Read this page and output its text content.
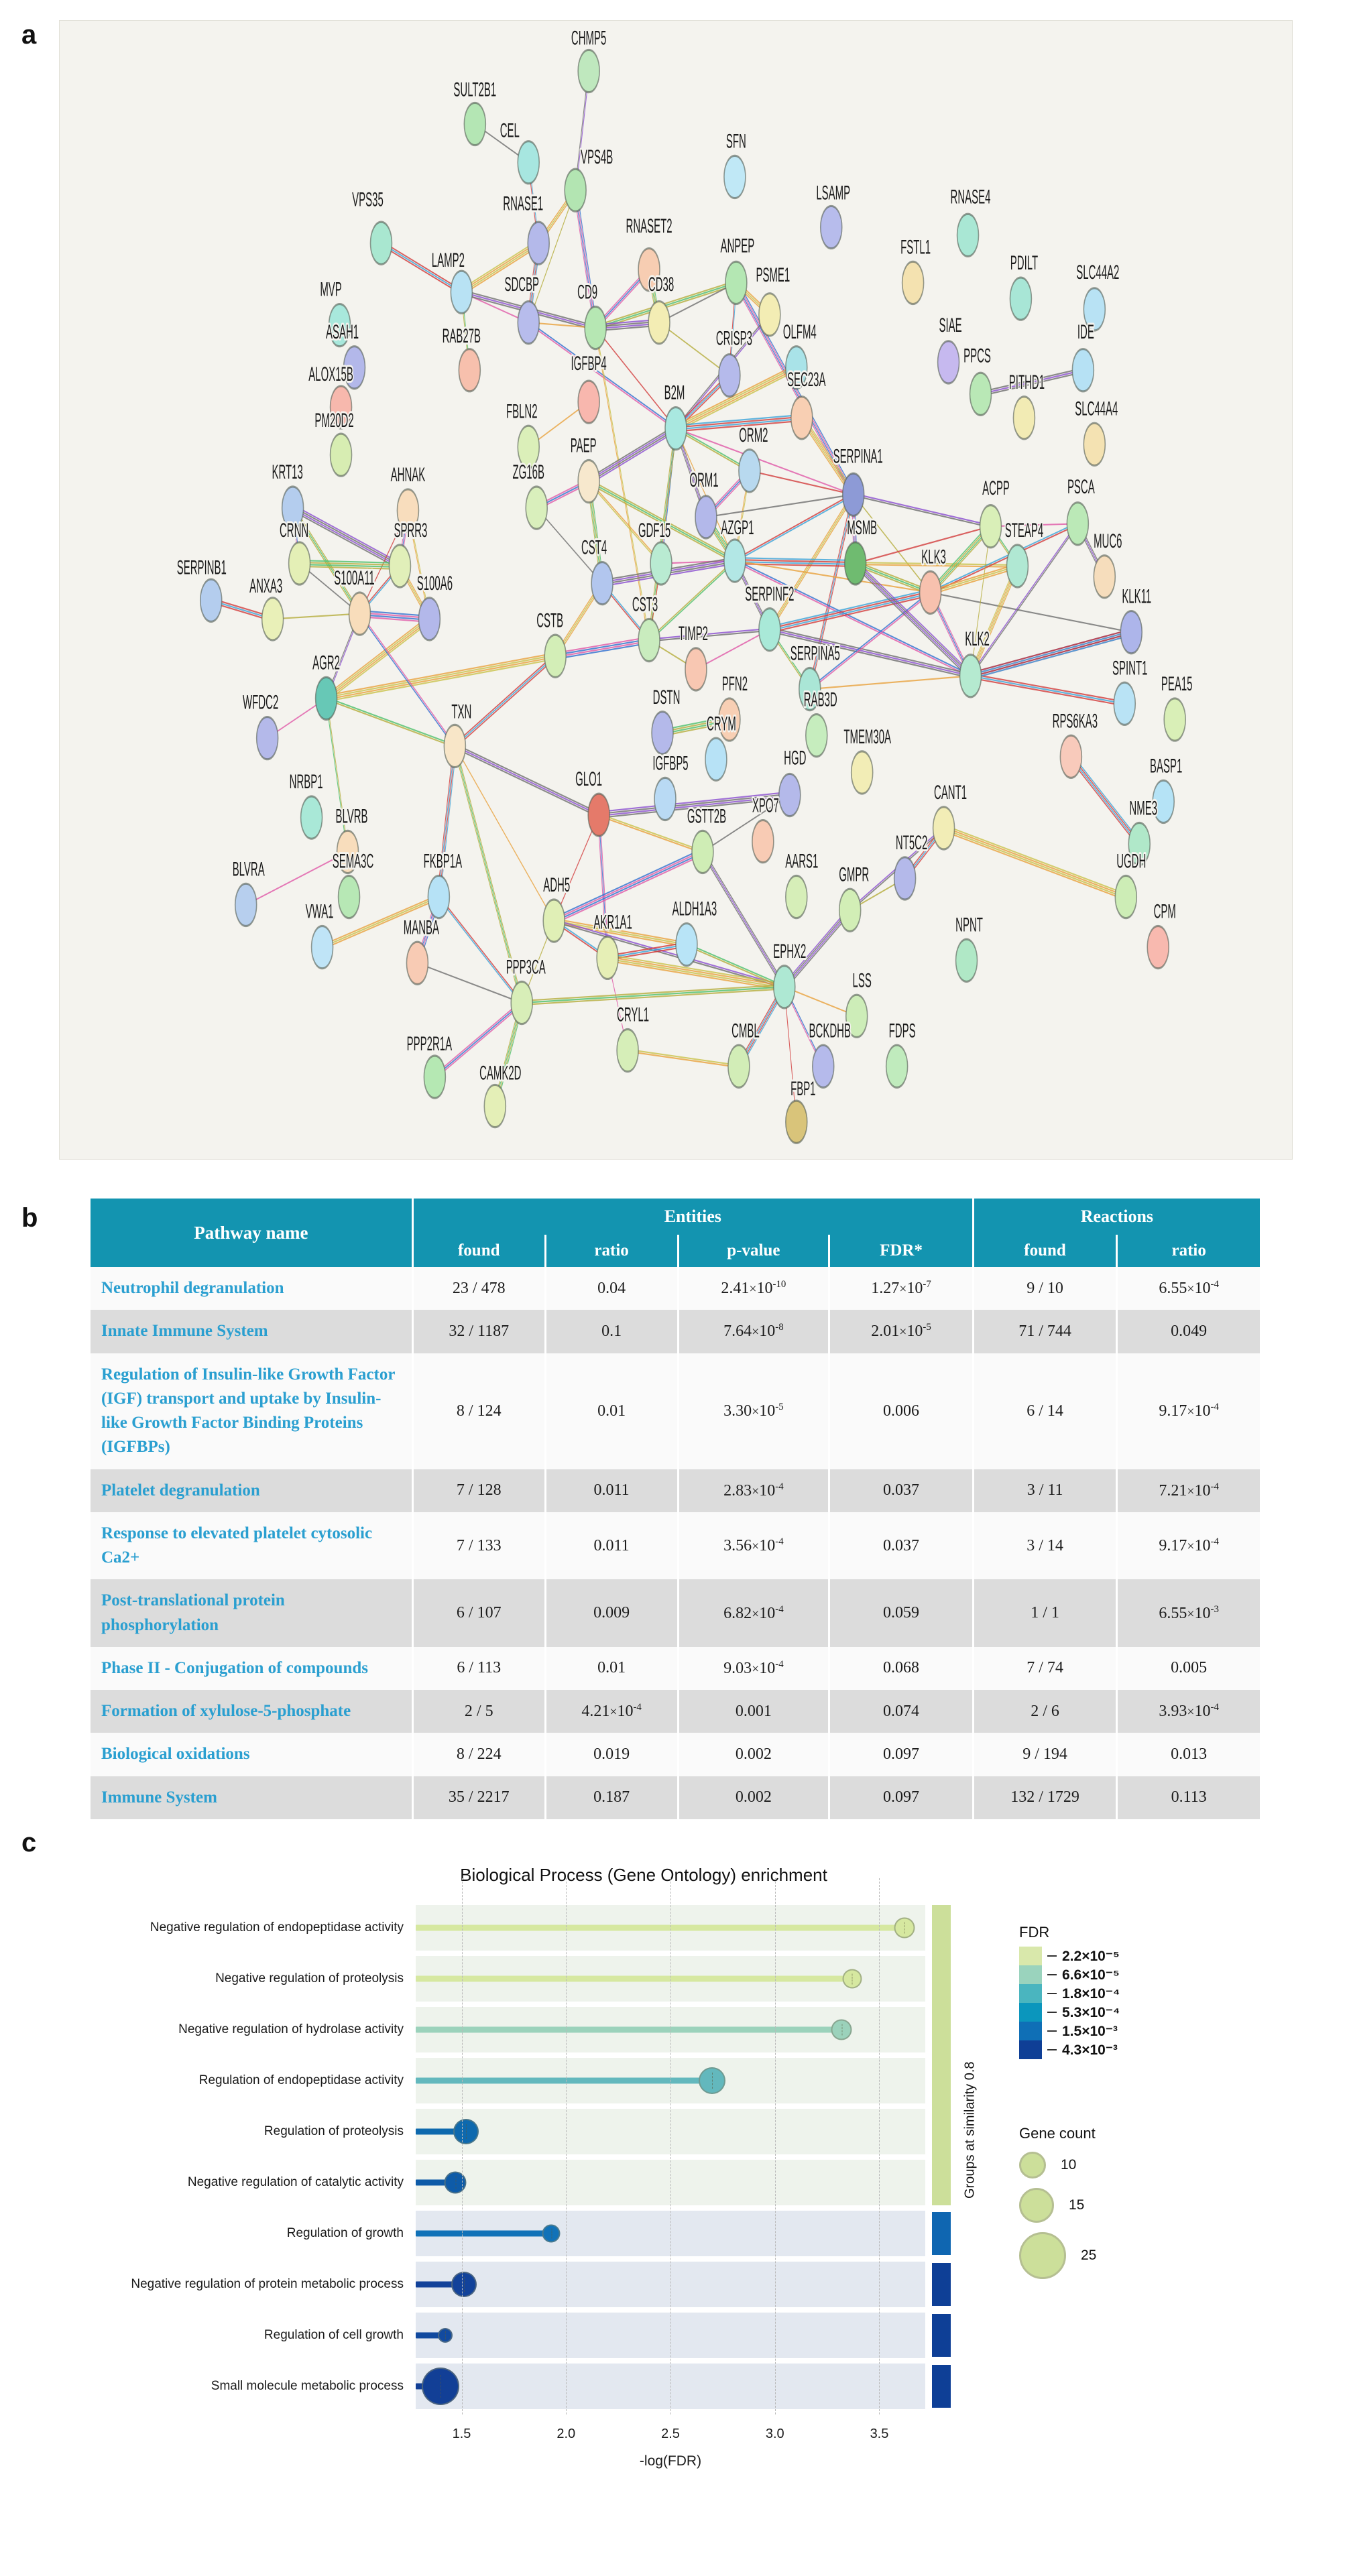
a	CHMP5
SULT2B1
CEL
VPS4B
SFN
RNASE1	LSAMP	RNASE4
VPS35
RNASET2
ANPEP
LAMP2
SDCBP	CD9	CD38	PSME1
FSTL1
PDILT	SLC44A2
MVP
CRISP3	OLFM4	SIAE	IDE
RAB27B
ASAH1
PPCS
SEC23A
ALOX15B	IGFBP4
B2M	PITHD1
SLC44A4
PM20D2	FBLN2
ORM2
PAEP	SERPINA1
ZG16B	ORM1
AHNAK
KRT13
ACPP
CRNN	SPRR3	GDF15	AZGP1	MSMB
PSCA
STEAP4	MUC6
CST4
S100A11
KLK3
SERPINB1
ANXA3	S100A6	SERPINF2
CST3	KLK11
CSTB
TIMP2	KLK2
SERPINA5
AGR2	SPINT1
PFN2
RAB3D
DSTN
WFDC2
PEA15
CRYM	RPS6KA3
TXN
TMEM30A
IGFBP5	HGD
GLO1
BASP1
XPO7
GSTT2B
NRBP1	CANT1
NME3
BLVRB
AARS1
NT5C2
GMPR
UGDH
BLVRA	SEMA3C
CPM
FKBP1A
ADH5
VWA1
MANBA	AKR1A1
ALDH1A3
NPNT
EPHX2
PPP3CA
LSS
PPP2R1A
CRYL1
CMBL	BCKDHB	FDPS
CAMK2D
FBP1
b	Pathway name	Entities				Reactions	
	found	ratio	p-value	FDR*	found	ratio
Neutrophil degranulation	23 / 478	0.04	$2.41\times 10^{-10}$	$1.27\times 10^{-7}$	9 / 10	$6.55\times 10^{-4}$
Innate Immune System	32 / 1187	0.1	$7.64\times 10^{-8}$	$2.01\times 10^{-5}$	71 / 744	0.049
Regulation of Insulin-like Growth Factor (IGF) transport and uptake by Insulin-like Growth Factor Binding Proteins (IGFBPs)	8 / 124	0.01	$3.30\times 10^{-5}$	0.006	6 / 14	$9.17\times 10^{-4}$
Platelet degranulation	7 / 128	0.011	$2.83\times 10^{-4}$	0.037	3 / 11	$7.21\times 10^{-4}$
Response to elevated platelet cytosolic Ca2+	7 / 133	0.011	$3.56\times 10^{-4}$	0.037	3 / 14	$9.17\times 10^{-4}$
Post-translational protein phosphorylation	6 / 107	0.009	$6.82\times 10^{-4}$	0.059	1 / 1	$6.55\times 10^{-3}$
Phase II - Conjugation of compounds	6 / 113	0.01	$9.03\times 10^{-4}$	0.068	7 / 74	0.005
Formation of xylulose-5-phosphate	2 / 5	$4.21\times 10^{-4}$	0.001	0.074	2 / 6	$3.93\times 10^{-4}$
Biological oxidations	8 / 224	0.019	0.002	0.097	9 / 194	0.013
Immune System	35 / 2217	0.187	0.002	0.097	132 / 1729	0.113
c
Biological Process (Gene Ontology) enrichment
Negative regulation of endopeptidase activity
Negative regulation of proteolysis
Negative regulation of hydrolase activity
Regulation of endopeptidase activity
Regulation of proteolysis
Negative regulation of catalytic activity
Regulation of growth
Negative regulation of protein metabolic process
Regulation of cell growth
Small molecule metabolic process
1.5	2.0	2.5	3.0	3.5
-log(FDR)
Groups at similarity 0.8
FDR
2.2×10⁻⁵
6.6×10⁻⁵
1.8×10⁻⁴
5.3×10⁻⁴
1.5×10⁻³
4.3×10⁻³
Gene count
10
15
25
